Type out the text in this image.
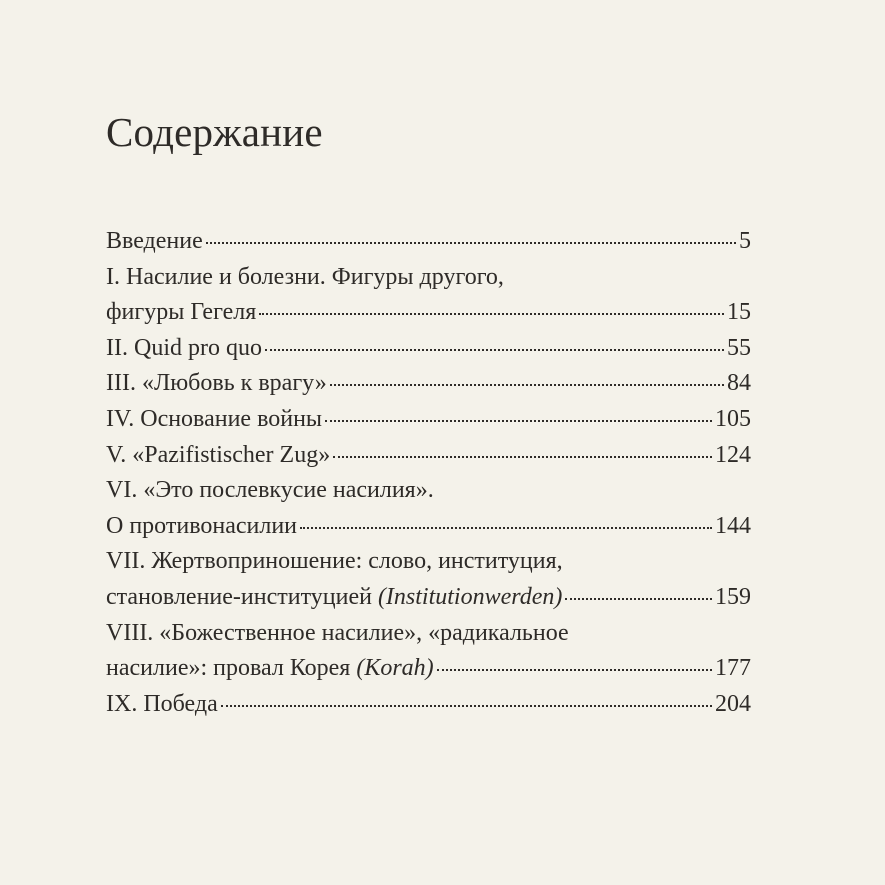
Содержание
Введение	5
I. Насилие и болезни. Фигуры другого,
фигуры Гегеля	15
II. Quid pro quo	55
III. «Любовь к врагу»	84
IV. Основание войны	105
V. «Pazifistischer Zug»	124
VI. «Это послевкусие насилия».
О противонасилии	144
VII. Жертвоприношение: слово, институция,
становление-институцией (Institutionwerden)	159
VIII. «Божественное насилие», «радикальное
насилие»: провал Корея (Korah)	177
IX. Победа	204
